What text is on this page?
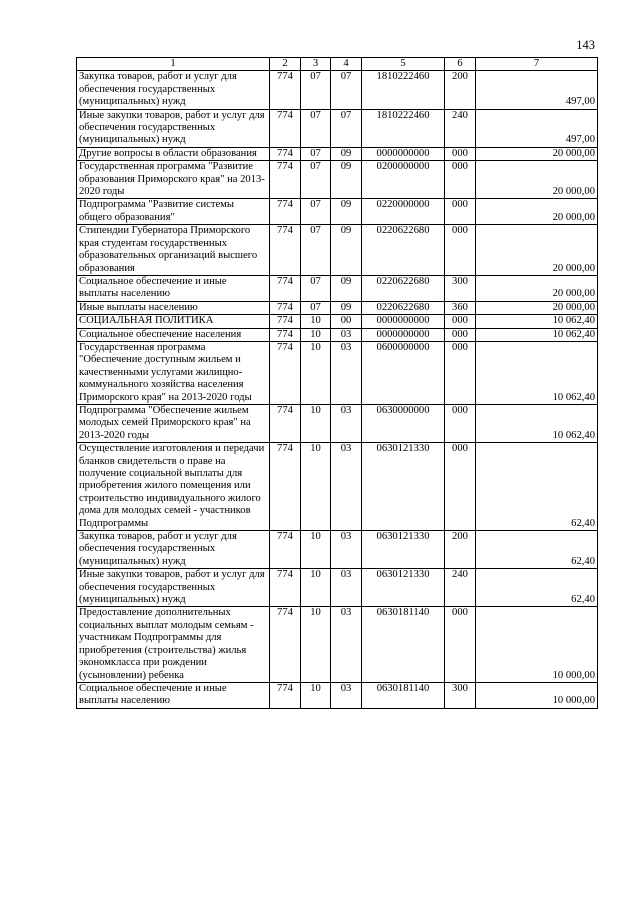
143
1	2	3	4	5	6	7
Закупка товаров, работ и услуг для обеспечения государственных (муниципальных) нужд	774	07	07	1810222460	200	497,00
Иные закупки товаров, работ и услуг для обеспечения государственных (муниципальных) нужд	774	07	07	1810222460	240	497,00
Другие вопросы в области образования	774	07	09	0000000000	000	20 000,00
Государственная программа "Развитие образования Приморского края" на 2013-2020 годы	774	07	09	0200000000	000	20 000,00
Подпрограмма "Развитие системы общего образования"	774	07	09	0220000000	000	20 000,00
Стипендии Губернатора Приморского края студентам государственных образовательных организаций высшего образования	774	07	09	0220622680	000	20 000,00
Социальное обеспечение и иные выплаты населению	774	07	09	0220622680	300	20 000,00
Иные выплаты населению	774	07	09	0220622680	360	20 000,00
СОЦИАЛЬНАЯ ПОЛИТИКА	774	10	00	0000000000	000	10 062,40
Социальное обеспечение населения	774	10	03	0000000000	000	10 062,40
Государственная программа "Обеспечение доступным жильем и качественными услугами жилищно-коммунального хозяйства населения Приморского края" на 2013-2020 годы	774	10	03	0600000000	000	10 062,40
Подпрограмма "Обеспечение жильем молодых семей Приморского края" на 2013-2020 годы	774	10	03	0630000000	000	10 062,40
Осуществление изготовления и передачи бланков свидетельств о праве на получение социальной выплаты для приобретения жилого помещения или строительство индивидуального жилого дома для молодых семей - участников Подпрограммы	774	10	03	0630121330	000	62,40
Закупка товаров, работ и услуг для обеспечения государственных (муниципальных) нужд	774	10	03	0630121330	200	62,40
Иные закупки товаров, работ и услуг для обеспечения государственных (муниципальных) нужд	774	10	03	0630121330	240	62,40
Предоставление дополнительных социальных выплат молодым семьям - участникам Подпрограммы для приобретения (строительства) жилья экономкласса при рождении (усыновлении) ребенка	774	10	03	0630181140	000	10 000,00
Социальное обеспечение и иные выплаты населению	774	10	03	0630181140	300	10 000,00
